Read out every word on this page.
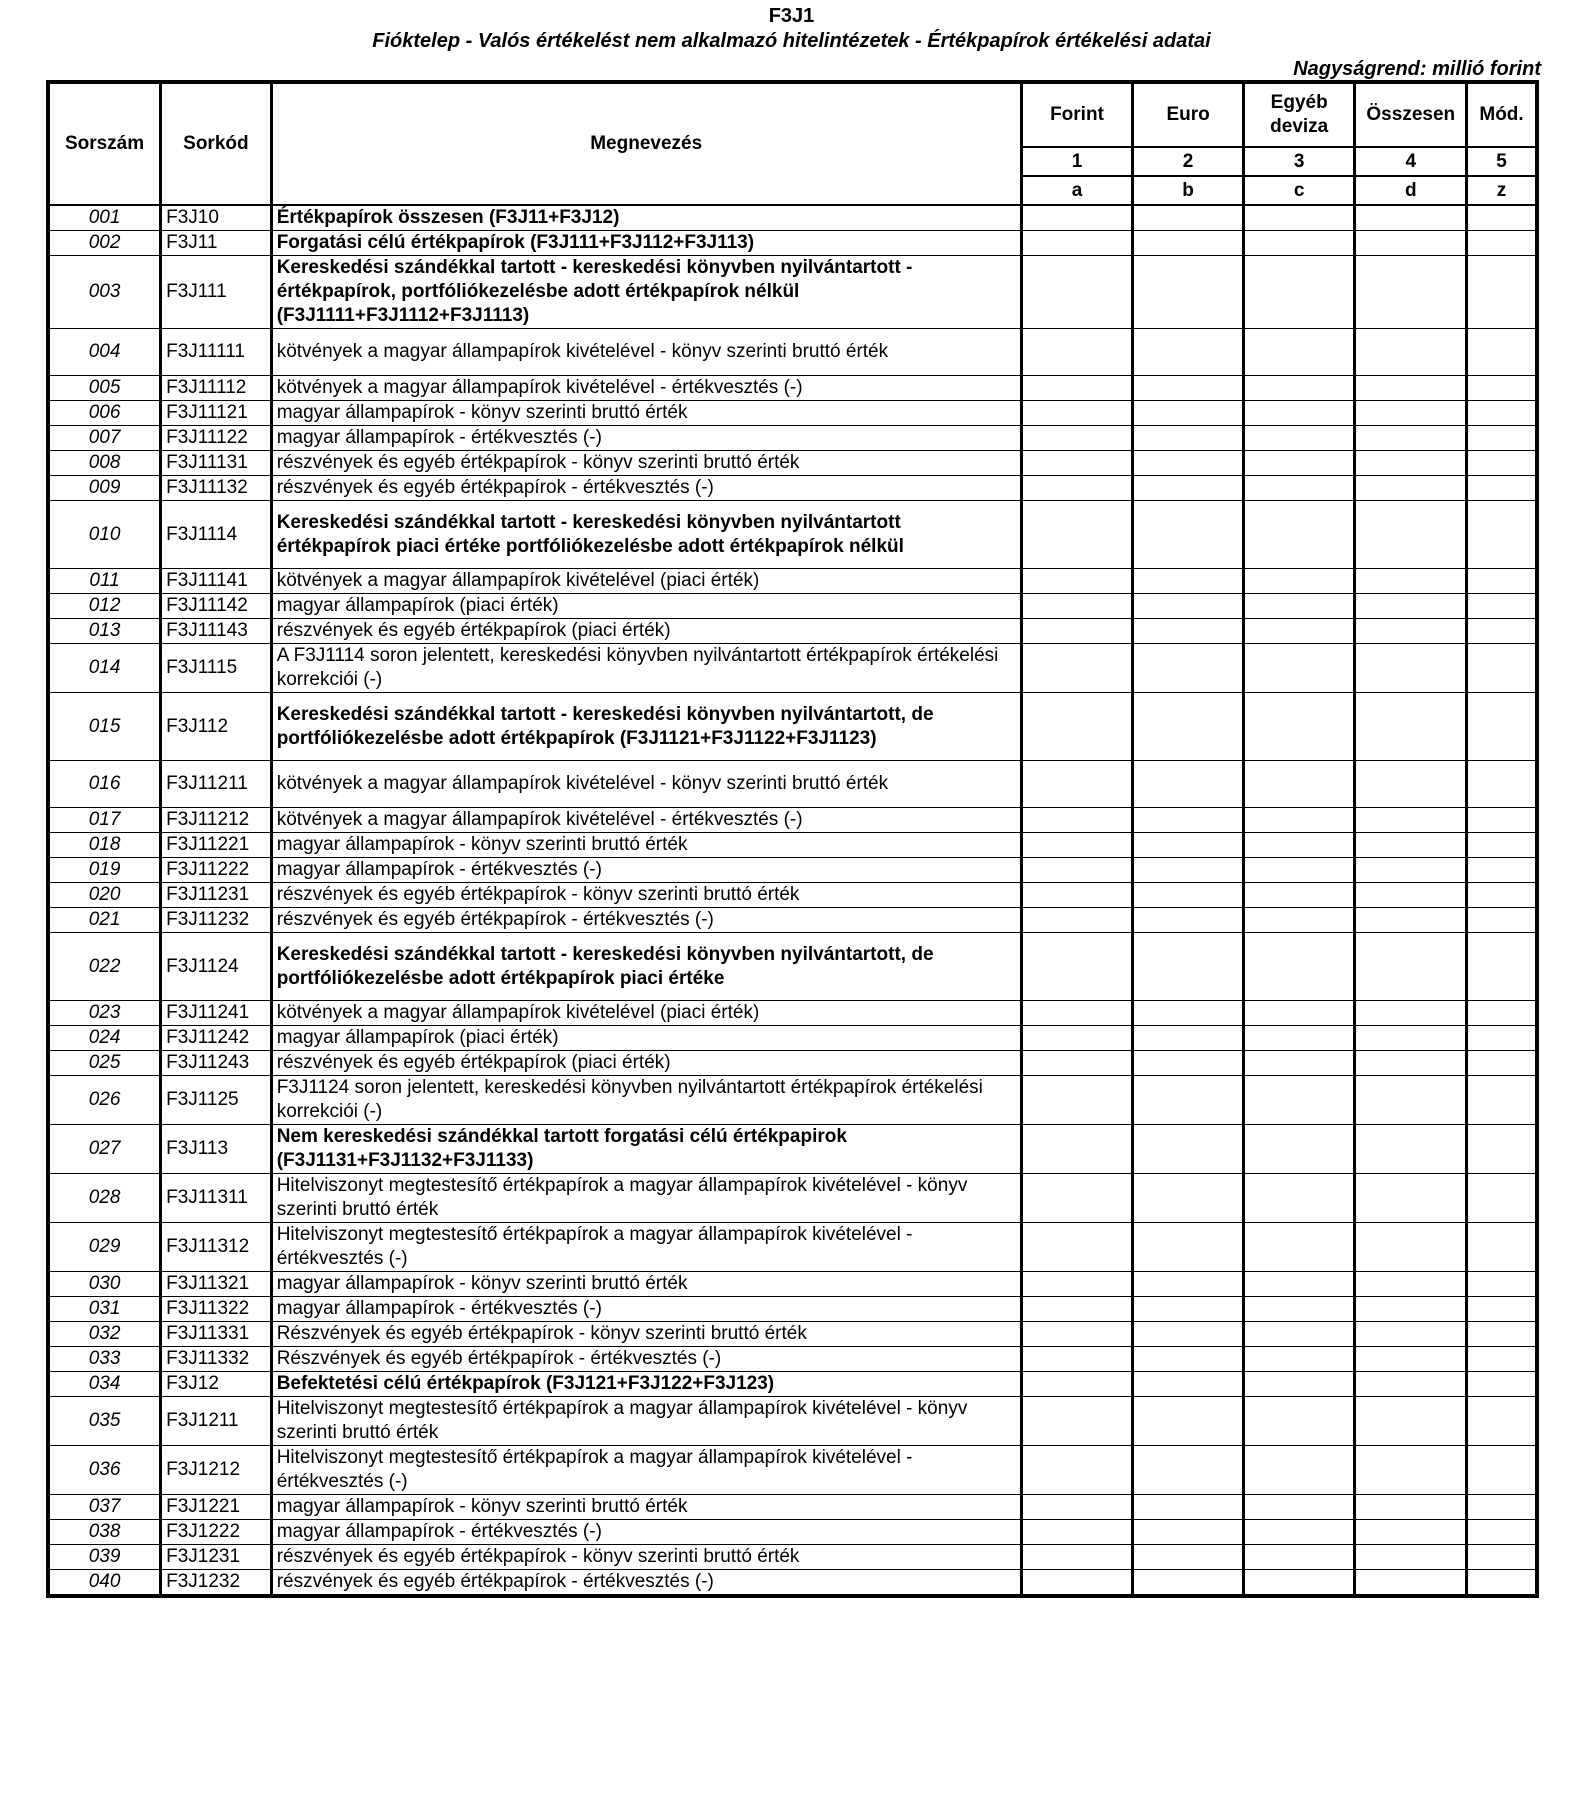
F3J1
Fióktelep - Valós értékelést nem alkalmazó hitelintézetek - Értékpapírok értékelési adatai
Nagyságrend: millió forint
Sorszám	Sorkód	Megnevezés	Forint	Euro	Egyéb deviza	Összesen	Mód.
			1	2	3	4	5
			a	b	c	d	z
001	F3J10	Értékpapírok összesen (F3J11+F3J12)					
002	F3J11	Forgatási célú értékpapírok (F3J111+F3J112+F3J113)					
003	F3J111	Kereskedési szándékkal tartott - kereskedési könyvben nyilvántartott - értékpapírok, portfóliókezelésbe adott értékpapírok nélkül (F3J1111+F3J1112+F3J1113)					
004	F3J11111	kötvények a magyar állampapírok kivételével - könyv szerinti bruttó érték					
005	F3J11112	kötvények a magyar állampapírok kivételével - értékvesztés (-)					
006	F3J11121	magyar állampapírok - könyv szerinti bruttó érték					
007	F3J11122	magyar állampapírok - értékvesztés (-)					
008	F3J11131	részvények és egyéb értékpapírok - könyv szerinti bruttó érték					
009	F3J11132	részvények és egyéb értékpapírok - értékvesztés (-)					
010	F3J1114	Kereskedési szándékkal tartott - kereskedési könyvben nyilvántartott értékpapírok piaci értéke portfóliókezelésbe adott értékpapírok nélkül					
011	F3J11141	kötvények a magyar állampapírok kivételével (piaci érték)					
012	F3J11142	magyar állampapírok (piaci érték)					
013	F3J11143	részvények és egyéb értékpapírok (piaci érték)					
014	F3J1115	A F3J1114 soron jelentett, kereskedési könyvben nyilvántartott értékpapírok értékelési korrekciói (-)					
015	F3J112	Kereskedési szándékkal tartott - kereskedési könyvben nyilvántartott, de portfóliókezelésbe adott értékpapírok (F3J1121+F3J1122+F3J1123)					
016	F3J11211	kötvények a magyar állampapírok kivételével - könyv szerinti bruttó érték					
017	F3J11212	kötvények a magyar állampapírok kivételével - értékvesztés (-)					
018	F3J11221	magyar állampapírok - könyv szerinti bruttó érték					
019	F3J11222	magyar állampapírok - értékvesztés (-)					
020	F3J11231	részvények és egyéb értékpapírok - könyv szerinti bruttó érték					
021	F3J11232	részvények és egyéb értékpapírok - értékvesztés (-)					
022	F3J1124	Kereskedési szándékkal tartott - kereskedési könyvben nyilvántartott, de portfóliókezelésbe adott értékpapírok piaci értéke					
023	F3J11241	kötvények a magyar állampapírok kivételével (piaci érték)					
024	F3J11242	magyar állampapírok (piaci érték)					
025	F3J11243	részvények és egyéb értékpapírok (piaci érték)					
026	F3J1125	F3J1124 soron jelentett, kereskedési könyvben nyilvántartott értékpapírok értékelési korrekciói (-)					
027	F3J113	Nem kereskedési szándékkal tartott forgatási célú értékpapirok (F3J1131+F3J1132+F3J1133)					
028	F3J11311	Hitelviszonyt megtestesítő értékpapírok a magyar állampapírok kivételével - könyv szerinti bruttó érték					
029	F3J11312	Hitelviszonyt megtestesítő értékpapírok a magyar állampapírok kivételével - értékvesztés (-)					
030	F3J11321	magyar állampapírok - könyv szerinti bruttó érték					
031	F3J11322	magyar állampapírok - értékvesztés (-)					
032	F3J11331	Részvények és egyéb értékpapírok - könyv szerinti bruttó érték					
033	F3J11332	Részvények és egyéb értékpapírok - értékvesztés (-)					
034	F3J12	Befektetési célú értékpapírok (F3J121+F3J122+F3J123)					
035	F3J1211	Hitelviszonyt megtestesítő értékpapírok a magyar állampapírok kivételével - könyv szerinti bruttó érték					
036	F3J1212	Hitelviszonyt megtestesítő értékpapírok a magyar állampapírok kivételével - értékvesztés (-)					
037	F3J1221	magyar állampapírok - könyv szerinti bruttó érték					
038	F3J1222	magyar állampapírok - értékvesztés (-)					
039	F3J1231	részvények és egyéb értékpapírok - könyv szerinti bruttó érték					
040	F3J1232	részvények és egyéb értékpapírok - értékvesztés (-)					
